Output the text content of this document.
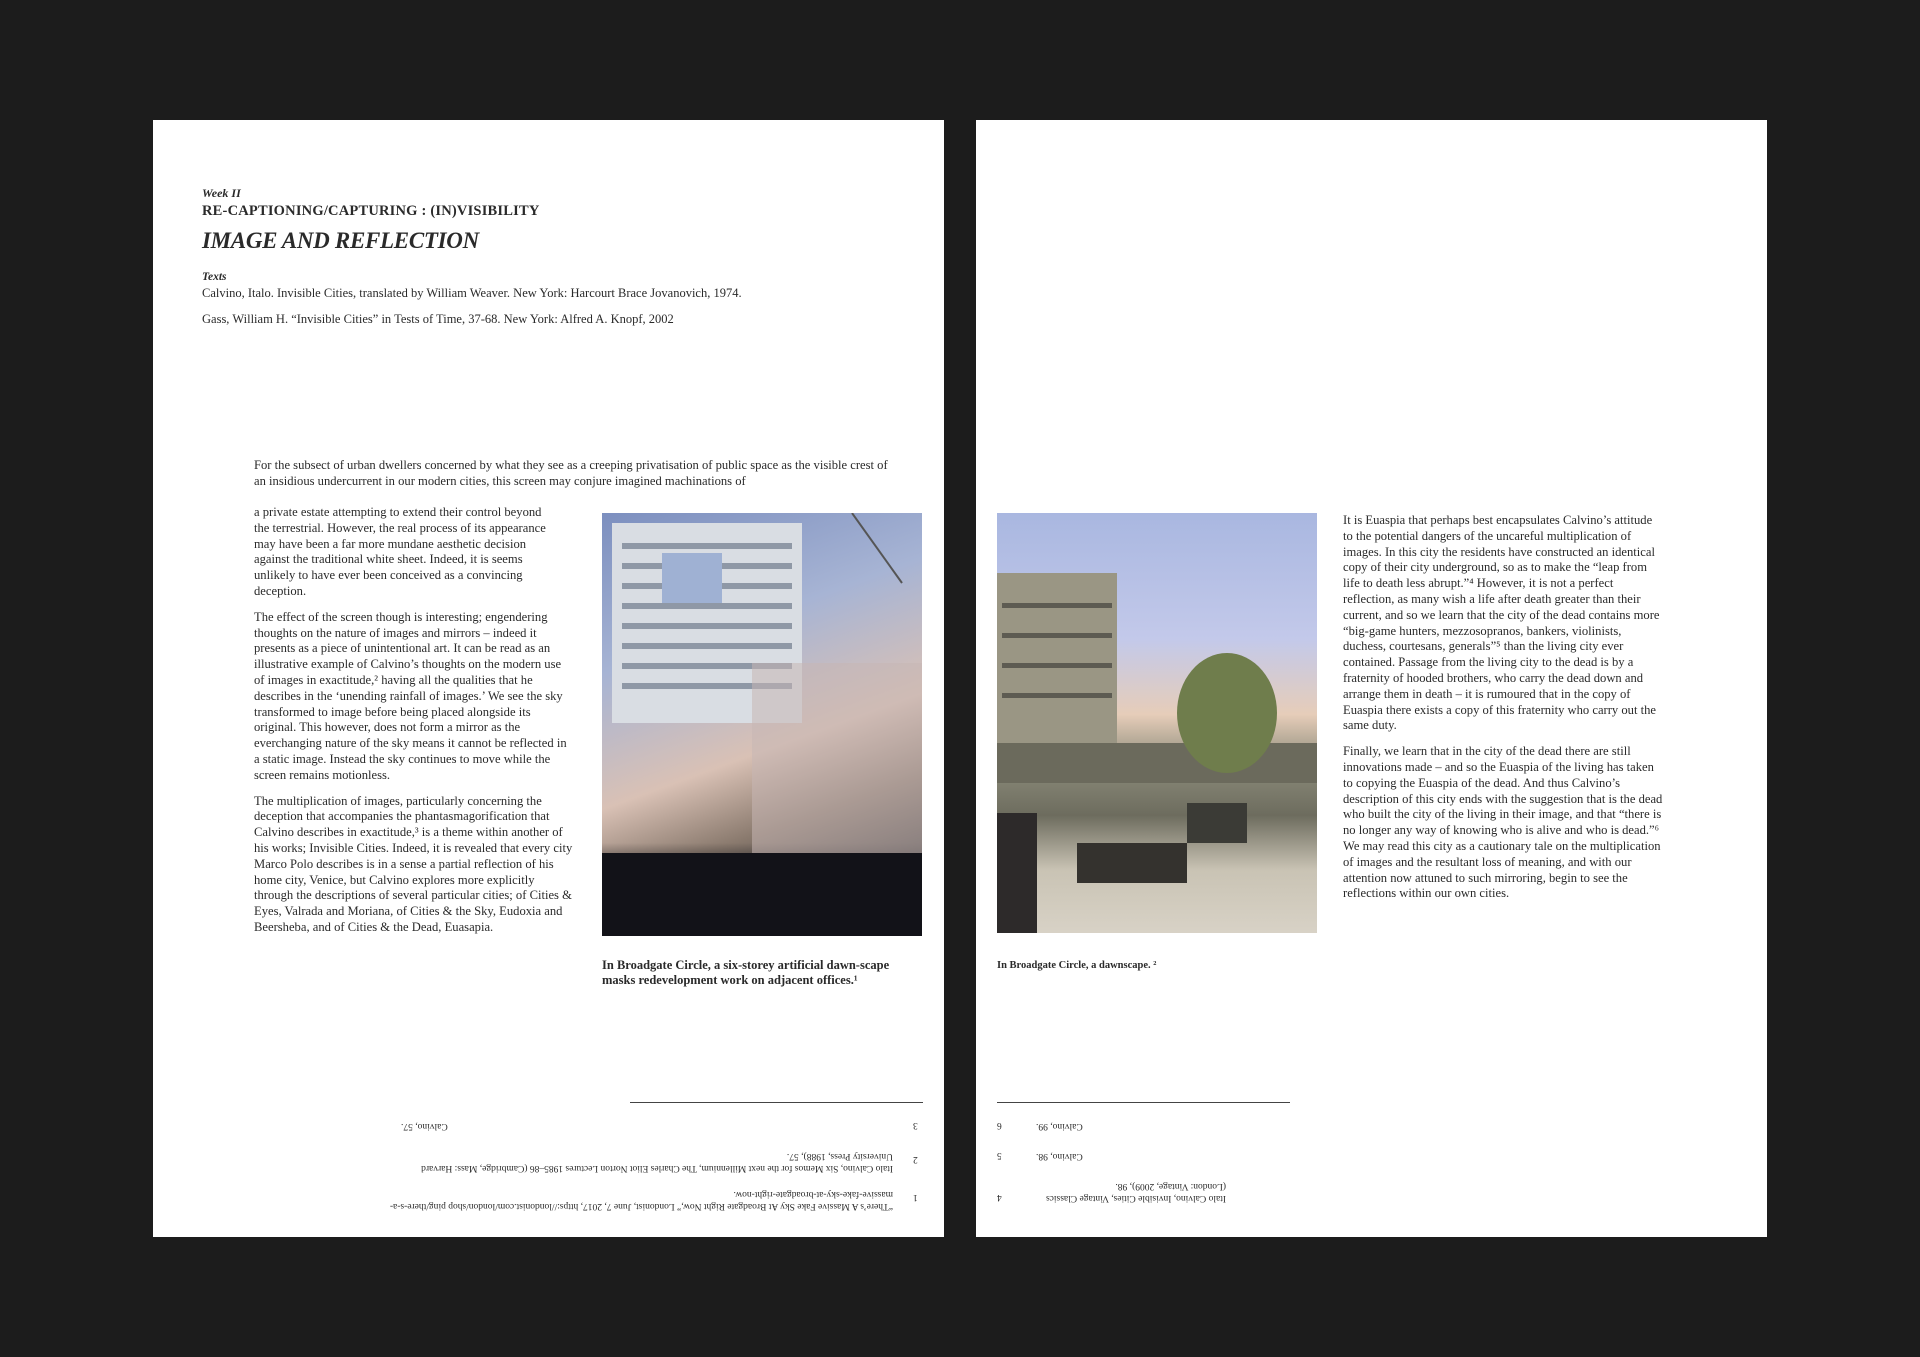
Week II
RE-CAPTIONING/CAPTURING : (IN)VISIBILITY
IMAGE AND REFLECTION
Texts
Calvino, Italo. Invisible Cities, translated by William Weaver. New York: Harcourt Brace Jovanovich, 1974.
Gass, William H. “Invisible Cities” in Tests of Time, 37-68. New York: Alfred A. Knopf, 2002
For the subsect of urban dwellers concerned by what they see as a creeping privatisation of public space as the visible crest of an insidious undercurrent in our modern cities, this screen may conjure imagined machinations of

a private estate attempting to extend their control beyond the terrestrial. However, the real process of its appearance may have been a far more mundane aesthetic decision against the traditional white sheet. Indeed, it is seems unlikely to have ever been conceived as a convincing deception.

The effect of the screen though is interesting; engendering thoughts on the nature of images and mirrors – indeed it presents as a piece of unintentional art. It can be read as an illustrative example of Calvino’s thoughts on the modern use of images in exactitude,² having all the qualities that he describes in the ‘unending rainfall of images.’ We see the sky transformed to image before being placed alongside its original. This however, does not form a mirror as the everchanging nature of the sky means it cannot be reflected in a static image. Instead the sky continues to move while the screen remains motionless.

The multiplication of images, particularly concerning the deception that accompanies the phantasmagorification that Calvino describes in exactitude,³ is a theme within another of his works; Invisible Cities. Indeed, it is revealed that every city Marco Polo describes is in a sense a partial reflection of his home city, Venice, but Calvino explores more explicitly through the descriptions of several particular cities; of Cities & Eyes, Valrada and Moriana, of Cities & the Sky, Eudoxia and Beersheba, and of Cities & the Dead, Euasapia.

In Broadgate Circle, a six-storey artificial dawn-scape masks redevelopment work on adjacent offices.¹
Calvino, 57.	3
Italo Calvino, Six Memos for the next Millennium, The Charles Eliot Norton Lectures 1985–86 (Cambridge, Mass: Harvard University Press, 1988), 57. 2
“There’s A Massive Fake Sky At Broadgate Right Now,” Londonist, June 7, 2017, https://londonist.com/london/shop ping/there-s-a-massive-fake-sky-at-broadgate-right-now. 1
In Broadgate Circle, a dawnscape. ²

It is Euaspia that perhaps best encapsulates Calvino’s attitude to the potential dangers of the uncareful multiplication of images. In this city the residents have constructed an identical copy of their city underground, so as to make the “leap from life to death less abrupt.”⁴ However, it is not a perfect reflection, as many wish a life after death greater than their current, and so we learn that the city of the dead contains more “big-game hunters, mezzosopranos, bankers, violinists, duchess, courtesans, generals”⁵ than the living city ever contained. Passage from the living city to the dead is by a fraternity of hooded brothers, who carry the dead down and arrange them in death – it is rumoured that in the copy of Euaspia there exists a copy of this fraternity who carry out the same duty.

Finally, we learn that in the city of the dead there are still innovations made – and so the Euaspia of the living has taken to copying the Euaspia of the dead. And thus Calvino’s description of this city ends with the suggestion that is the dead who built the city of the living in their image, and that “there is no longer any way of knowing who is alive and who is dead.”⁶ We may read this city as a cautionary tale on the multiplication of images and the resultant loss of meaning, and with our attention now attuned to such mirroring, begin to see the reflections within our own cities.

Calvino, 99.
6
Calvino, 98.
5
Italo Calvino, Invisible Cities, Vintage Classics (London: Vintage, 2009), 98.
4
